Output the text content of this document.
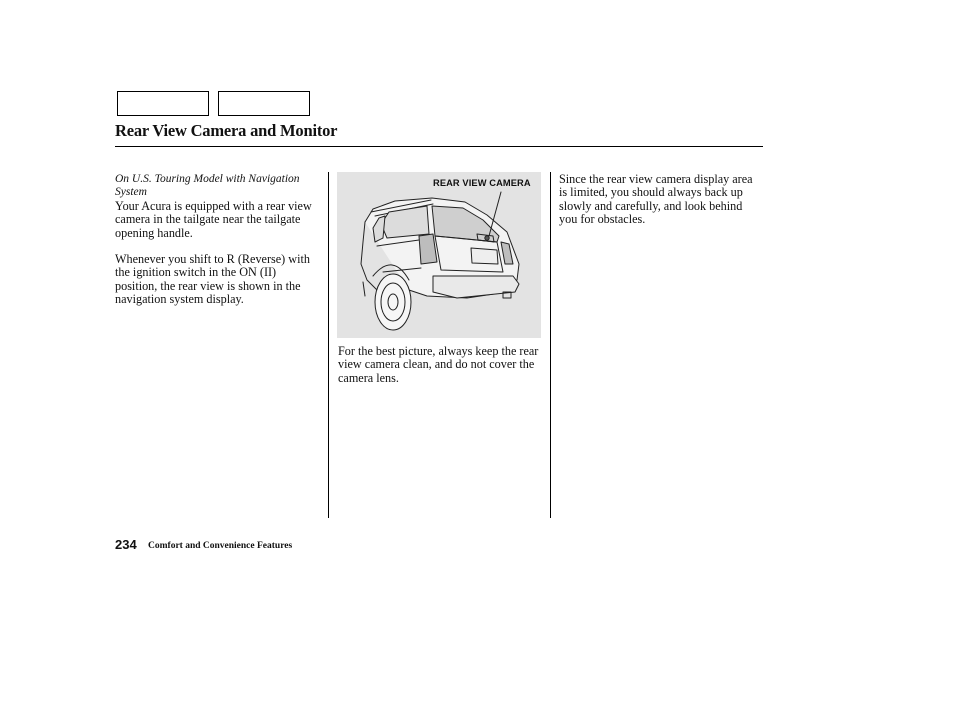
Rear View Camera and Monitor

On U.S. Touring Model with Navigation System

Your Acura is equipped with a rear view camera in the tailgate near the tailgate opening handle.

Whenever you shift to R (Reverse) with the ignition switch in the ON (II) position, the rear view is shown in the navigation system display.

REAR VIEW CAMERA

For the best picture, always keep the rear view camera clean, and do not cover the camera lens.

Since the rear view camera display area is limited, you should always back up slowly and carefully, and look behind you for obstacles.

234 Comfort and Convenience Features
